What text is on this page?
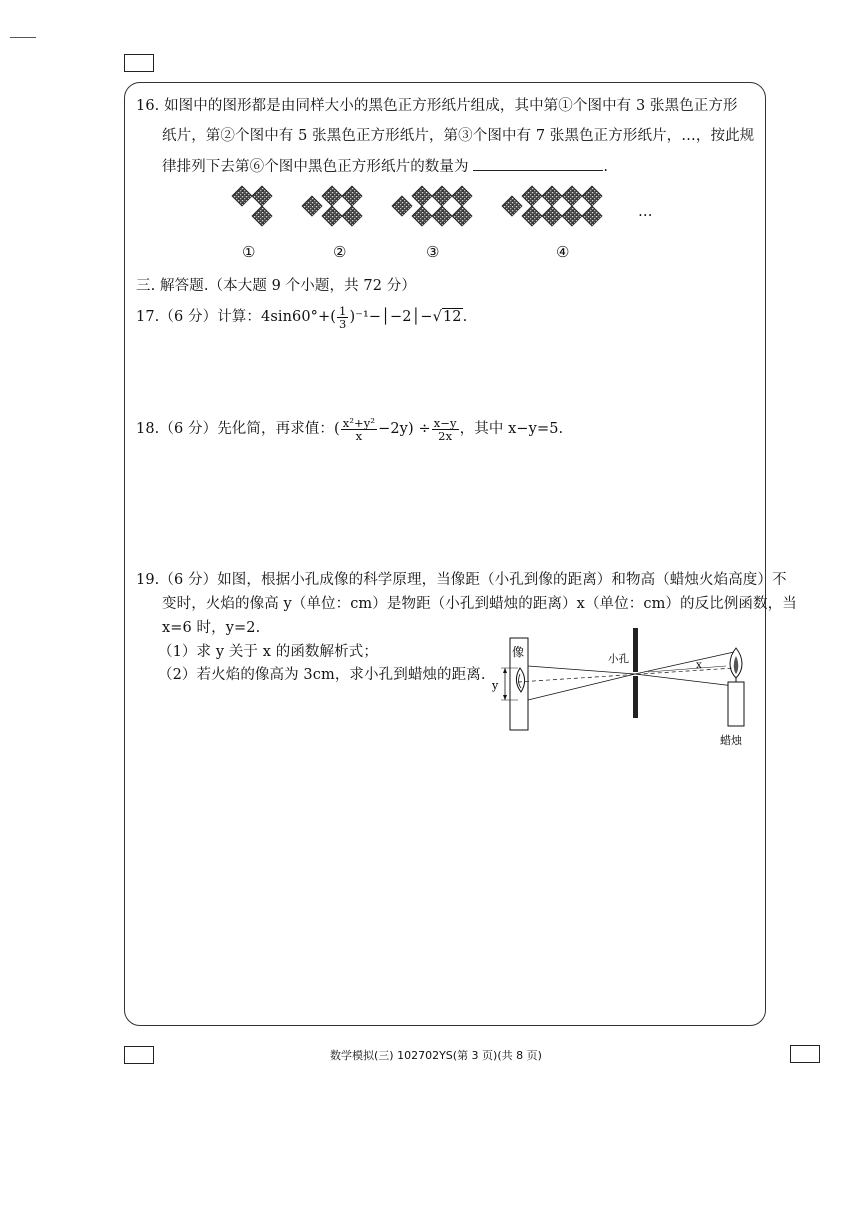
16. 如图中的图形都是由同样大小的黑色正方形纸片组成，其中第①个图中有 3 张黑色正方形
纸片，第②个图中有 5 张黑色正方形纸片，第③个图中有 7 张黑色正方形纸片，…，按此规
律排列下去第⑥个图中黑色正方形纸片的数量为	.
…
①	②	③	④
三. 解答题.（本大题 9 个小题，共 72 分）
17.（6 分）计算：$4\sin 60^\circ+( \frac{1}{3}$ )⁻¹−│−2│−√12.
18.（6 分）先化简，再求值：( $\frac{\text{x²+y²}}{x} -2y) \div \frac{x-y}{2x}$ ，其中 x−y=5.
19.（6 分）如图，根据小孔成像的科学原理，当像距（小孔到像的距离）和物高（蜡烛火焰高度）不
变时，火焰的像高 y（单位：cm）是物距（小孔到蜡烛的距离）x（单位：cm）的反比例函数，当
x=6 时，y=2.
（1）求 y 关于 x 的函数解析式；
（2）若火焰的像高为 3cm，求小孔到蜡烛的距离.
像
y
小孔	x
蜡烛
数学模拟(三) 102702YS(第 3 页)(共 8 页)
